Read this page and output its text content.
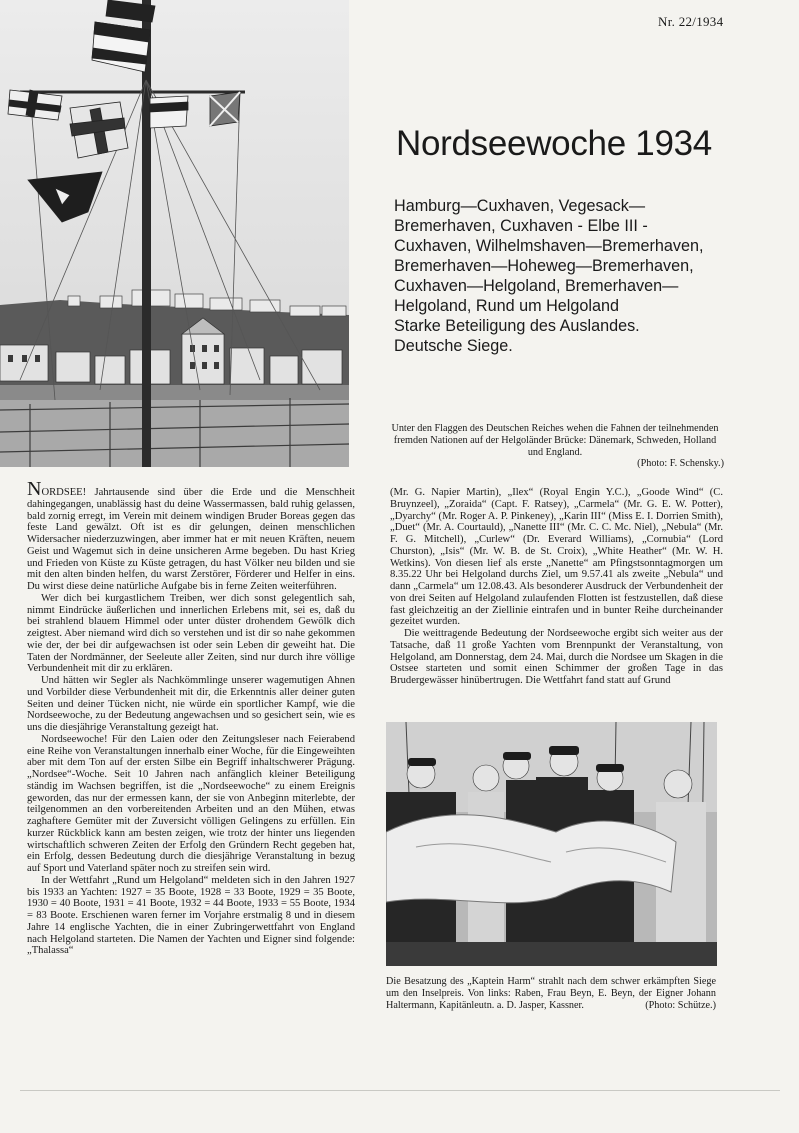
Nr. 22/1934
Nordseewoche 1934
Hamburg—Cuxhaven, Vegesack—Bremerhaven, Cuxhaven - Elbe III - Cuxhaven, Wilhelmshaven—Bremerhaven, Bremerhaven—Hoheweg—Bremerhaven, Cuxhaven—Helgoland, Bremerhaven—Helgoland, Rund um Helgoland
Starke Beteiligung des Auslandes.
Deutsche Siege.
Unter den Flaggen des Deutschen Reiches wehen die Fahnen der teilnehmenden fremden Nationen auf der Helgoländer Brücke: Dänemark, Schweden, Holland und England.
(Photo: F. Schensky.)

NORDSEE! Jahrtausende sind über die Erde und die Menschheit dahingegangen, unablässig hast du deine Wassermassen, bald ruhig gelassen, bald zornig erregt, im Verein mit deinem windigen Bruder Boreas gegen das feste Land gewälzt. Oft ist es dir gelungen, deinen menschlichen Widersacher niederzuzwingen, aber immer hat er mit neuen Kräften, neuem Geist und Wagemut sich in deine unsicheren Arme begeben. Du hast Krieg und Frieden von Küste zu Küste getragen, du hast Völker neu bilden und sie mit den alten binden helfen, du warst Zerstörer, Förderer und Helfer in eins. Du wirst diese deine natürliche Aufgabe bis in ferne Zeiten weiterführen.

Wer dich bei kurgastlichem Treiben, wer dich sonst gelegentlich sah, nimmt Eindrücke äußerlichen und innerlichen Erlebens mit, sei es, daß du bei strahlend blauem Himmel oder unter düster drohendem Gewölk dich zeigtest. Aber niemand wird dich so verstehen und ist dir so nahe gekommen wie der, der bei dir aufgewachsen ist oder sein Leben dir geweiht hat. Die Taten der Nordmänner, der Seeleute aller Zeiten, sind nur durch ihre völlige Verbundenheit mit dir zu erklären.

Und hätten wir Segler als Nachkömmlinge unserer wagemutigen Ahnen und Vorbilder diese Verbundenheit mit dir, die Erkenntnis aller deiner guten Seiten und deiner Tücken nicht, nie würde ein sportlicher Kampf, wie die Nordseewoche, zu der Bedeutung angewachsen und so gesichert sein, wie es uns die diesjährige Veranstaltung gezeigt hat.

Nordseewoche! Für den Laien oder den Zeitungsleser nach Feierabend eine Reihe von Veranstaltungen innerhalb einer Woche, für die Eingeweihten aber mit dem Ton auf der ersten Silbe ein Begriff inhaltschwerer Prägung. „Nordsee“-Woche. Seit 10 Jahren nach anfänglich kleiner Beteiligung ständig im Wachsen begriffen, ist die „Nordseewoche“ zu einem Ereignis geworden, das nur der ermessen kann, der sie von Anbeginn miterlebte, der teilgenommen an den vorbereitenden Arbeiten und an den Mühen, etwas zaghaftere Gemüter mit der Zuversicht völligen Gelingens zu erfüllen. Ein kurzer Rückblick kann am besten zeigen, wie trotz der hinter uns liegenden wirtschaftlich schweren Zeiten der Erfolg den Gründern Recht gegeben hat, ein Erfolg, dessen Bedeutung durch die diesjährige Veranstaltung in bezug auf Sport und Vaterland später noch zu streifen sein wird.

In der Wettfahrt „Rund um Helgoland“ meldeten sich in den Jahren 1927 bis 1933 an Yachten: 1927 = 35 Boote, 1928 = 33 Boote, 1929 = 35 Boote, 1930 = 40 Boote, 1931 = 41 Boote, 1932 = 44 Boote, 1933 = 55 Boote, 1934 = 83 Boote. Erschienen waren ferner im Vorjahre erstmalig 8 und in diesem Jahre 14 englische Yachten, die in einer Zubringerwettfahrt von England nach Helgoland starteten. Die Namen der Yachten und Eigner sind folgende: „Thalassa“

(Mr. G. Napier Martin), „Ilex“ (Royal Engin Y.C.), „Goode Wind“ (C. Bruynzeel), „Zoraida“ (Capt. F. Ratsey), „Carmela“ (Mr. G. E. W. Potter), „Dyarchy“ (Mr. Roger A. P. Pinkeney), „Karin III“ (Miss E. I. Dorrien Smith), „Duet“ (Mr. A. Courtauld), „Nanette III“ (Mr. C. C. Mc. Niel), „Nebula“ (Mr. F. G. Mitchell), „Curlew“ (Dr. Everard Williams), „Cornubia“ (Lord Churston), „Isis“ (Mr. W. B. de St. Croix), „White Heather“ (Mr. W. H. Wetkins). Von diesen lief als erste „Nanette“ am Pfingstsonntagmorgen um 8.35.22 Uhr bei Helgoland durchs Ziel, um 9.57.41 als zweite „Nebula“ und dann „Carmela“ um 12.08.43. Als besonderer Ausdruck der Verbundenheit der von drei Seiten auf Helgoland zulaufenden Flotten ist festzustellen, daß diese fast gleichzeitig an der Ziellinie eintrafen und in bunter Reihe durcheinander gezeitet wurden.

Die weittragende Bedeutung der Nordseewoche ergibt sich weiter aus der Tatsache, daß 11 große Yachten vom Brennpunkt der Veranstaltung, von Helgoland, am Donnerstag, dem 24. Mai, durch die Nordsee um Skagen in die Ostsee starteten und somit einen Schimmer der großen Tage in das Brudergewässer hinübertrugen. Die Wettfahrt fand statt auf Grund

Die Besatzung des „Kaptein Harm“ strahlt nach dem schwer erkämpften Siege um den Inselpreis. Von links: Raben, Frau Beyn, E. Beyn, der Eigner Johann Haltermann, Kapitänleutn. a. D. Jasper, Kassner.	(Photo: Schütze.)
